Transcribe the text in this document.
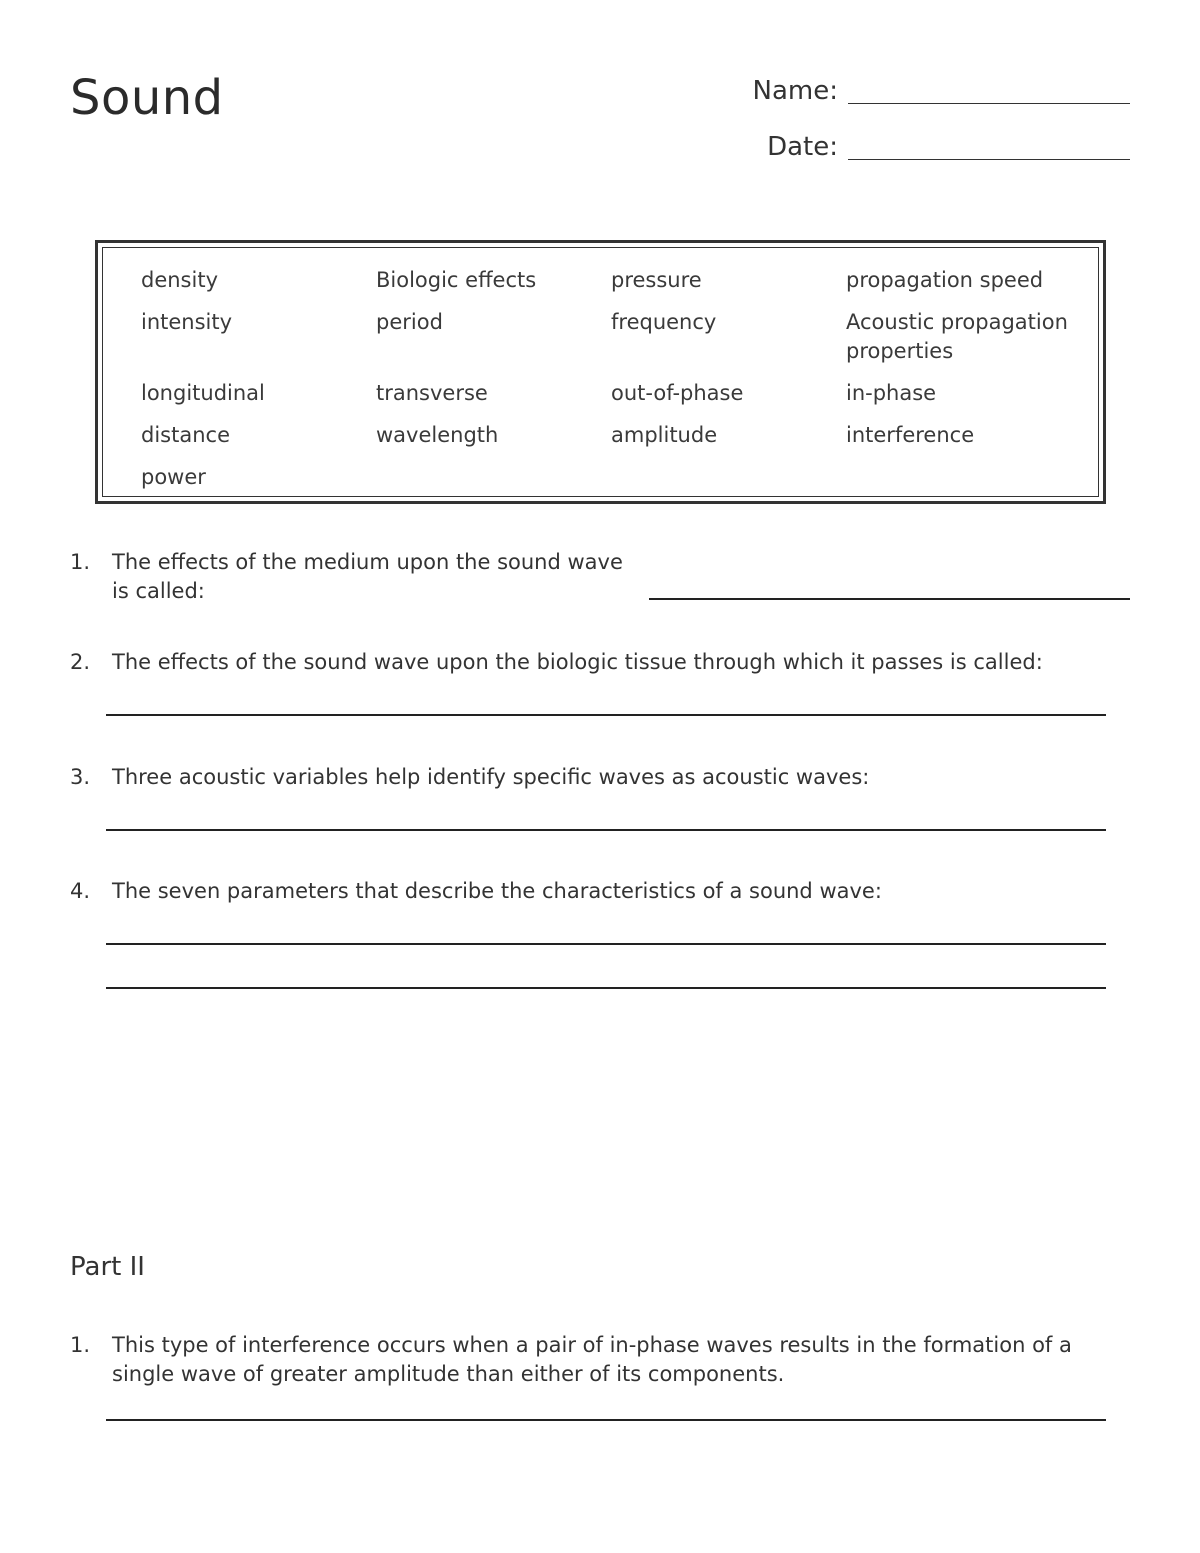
Sound	Name:
Date:
density	Biologic effects	pressure	propagation speed
intensity	period	frequency	Acoustic propagation properties
longitudinal	transverse	out-of-phase	in-phase
distance	wavelength	amplitude	interference
power
1. The effects of the medium upon the sound wave is called:
2. The effects of the sound wave upon the biologic tissue through which it passes is called:
3. Three acoustic variables help identify specific waves as acoustic waves:
4. The seven parameters that describe the characteristics of a sound wave:
Part II
1. This type of interference occurs when a pair of in-phase waves results in the formation of a single wave of greater amplitude than either of its components.
